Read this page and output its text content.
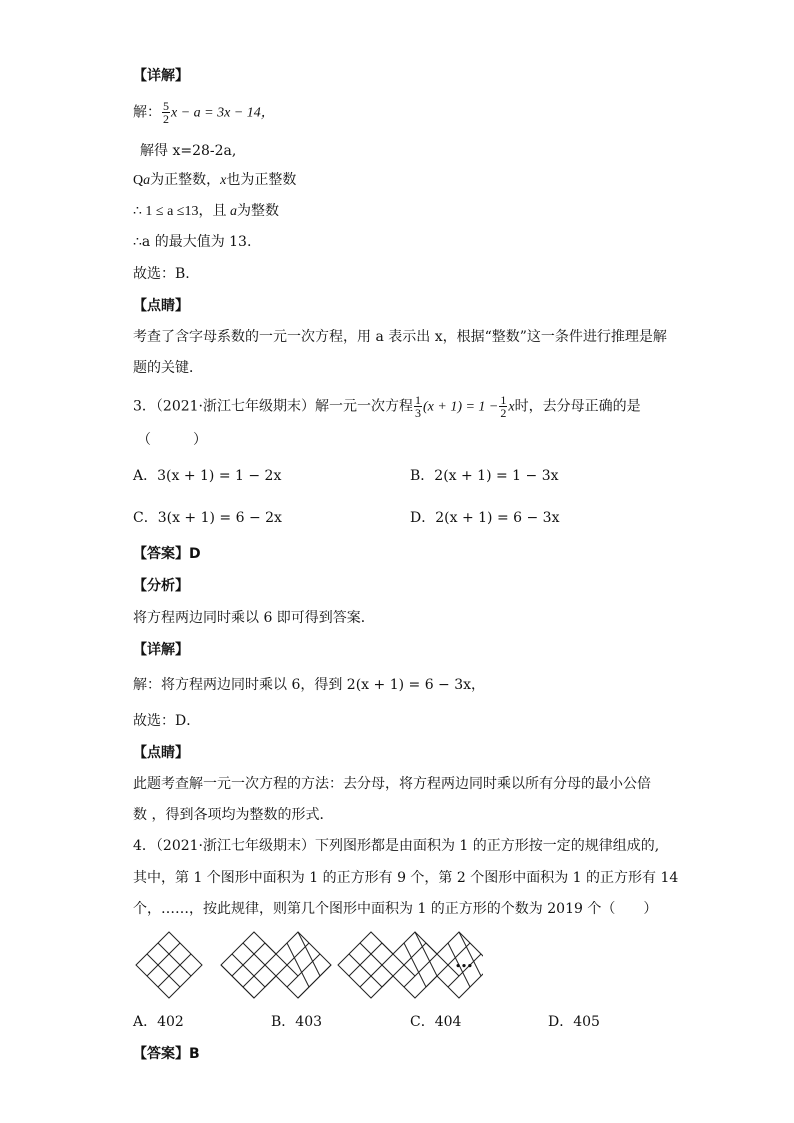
【详解】
解： $\frac{5}{2}$ x − a = 3x − 14，
解得 x=28-2a,
Qa为正整数，x也为正整数
∴ 1 ≤ a ≤13，且 a为整数
∴a 的最大值为 13.
故选：B.
【点睛】
考查了含字母系数的一元一次方程，用 a 表示出 x，根据“整数”这一条件进行推理是解
题的关键．
3．（2021·浙江七年级期末）解一元一次方程 $\frac{1}{3} (x + 1) = 1 - \frac{1}{2}$ x时，去分母正确的是
（　　　）
A．3(x + 1) = 1 − 2x	B．2(x + 1) = 1 − 3x
C．3(x + 1) = 6 − 2x	D．2(x + 1) = 6 − 3x
【答案】D
【分析】
将方程两边同时乘以 6 即可得到答案．
【详解】
解：将方程两边同时乘以 6，得到 2(x + 1) = 6 − 3x，
故选：D．
【点睛】
此题考查解一元一次方程的方法：去分母，将方程两边同时乘以所有分母的最小公倍
数 ，得到各项均为整数的形式．
4．（2021·浙江七年级期末）下列图形都是由面积为 1 的正方形按一定的规律组成的,
其中，第 1 个图形中面积为 1 的正方形有 9 个，第 2 个图形中面积为 1 的正方形有 14
个，……，按此规律，则第几个图形中面积为 1 的正方形的个数为 2019 个（　　）
…
A．402	B．403	C．404	D．405
【答案】B
